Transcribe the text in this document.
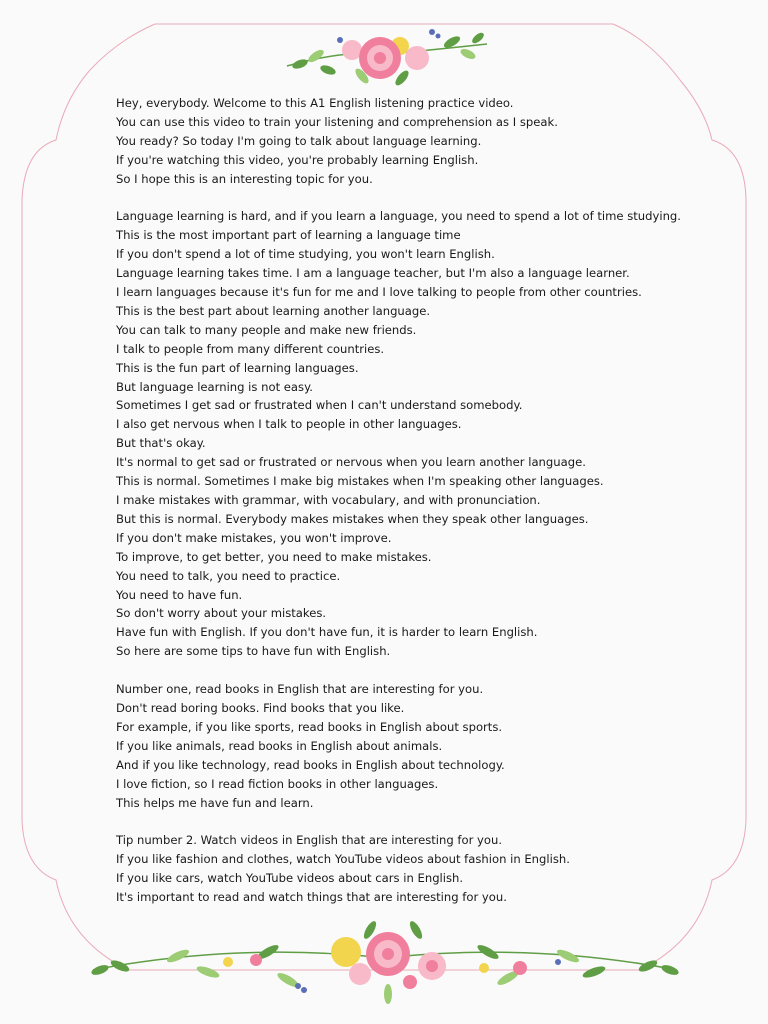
Hey, everybody. Welcome to this A1 English listening practice video.
You can use this video to train your listening and comprehension as I speak.
You ready? So today I'm going to talk about language learning.
If you're watching this video, you're probably learning English.
So I hope this is an interesting topic for you.
Language learning is hard, and if you learn a language, you need to spend a lot of time studying.
This is the most important part of learning a language time
If you don't spend a lot of time studying, you won't learn English.
Language learning takes time. I am a language teacher, but I'm also a language learner.
I learn languages because it's fun for me and I love talking to people from other countries.
This is the best part about learning another language.
You can talk to many people and make new friends.
I talk to people from many different countries.
This is the fun part of learning languages.
But language learning is not easy.
Sometimes I get sad or frustrated when I can't understand somebody.
I also get nervous when I talk to people in other languages.
But that's okay.
It's normal to get sad or frustrated or nervous when you learn another language.
This is normal. Sometimes I make big mistakes when I'm speaking other languages.
I make mistakes with grammar, with vocabulary, and with pronunciation.
But this is normal. Everybody makes mistakes when they speak other languages.
If you don't make mistakes, you won't improve.
To improve, to get better, you need to make mistakes.
You need to talk, you need to practice.
You need to have fun.
So don't worry about your mistakes.
Have fun with English. If you don't have fun, it is harder to learn English.
So here are some tips to have fun with English.
Number one, read books in English that are interesting for you.
Don't read boring books. Find books that you like.
For example, if you like sports, read books in English about sports.
If you like animals, read books in English about animals.
And if you like technology, read books in English about technology.
I love fiction, so I read fiction books in other languages.
This helps me have fun and learn.
Tip number 2. Watch videos in English that are interesting for you.
If you like fashion and clothes, watch YouTube videos about fashion in English.
If you like cars, watch YouTube videos about cars in English.
It's important to read and watch things that are interesting for you.
